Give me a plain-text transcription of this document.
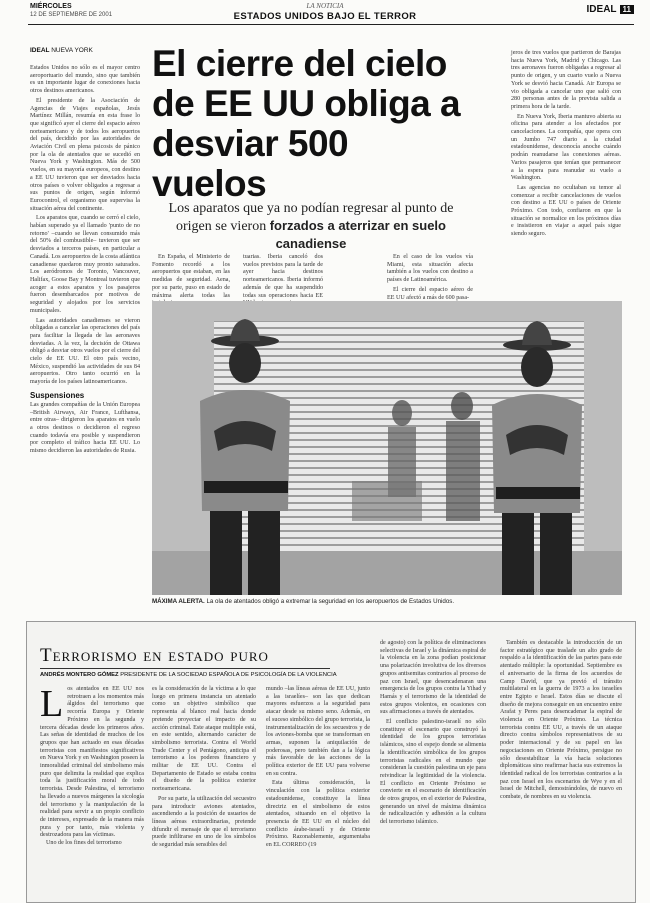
MIÉRCOLES
12 DE SEPTIEMBRE DE 2001
LA NOTICIA
ESTADOS UNIDOS BAJO EL TERROR
IDEAL 11
IDEAL NUEVA YORK El cierre del cielo
de EE UU obliga a
desviar 500 vuelos
Los aparatos que ya no podían regresar al punto de origen se vieron forzados a aterrizar en suelo canadiense

Estados Unidos no sólo es el mayor centro aeroportuario del mundo, sino que también es un importante lugar de conexiones hacia otros destinos americanos.

El presidente de la Asociación de Agencias de Viajes españolas, Jesús Martínez Millán, resumía en esta frase lo que significó ayer el cierre del espacio aéreo norteamericano y de todos los aeropuertos del país, decidido por las autoridades de Aviación Civil en plena psicosis de pánico por la ola de atentados que se sucedió en Nueva York y Washington. Más de 500 vuelos, en su mayoría europeos, con destino a EE UU tuvieron que ser desviados hacia otros países o volver obligados a regresar a sus puntos de origen, según informó Eurocontrol, el organismo que supervisa la situación aérea del continente.

Los aparatos que, cuando se cerró el cielo, habían superado ya el llamado 'punto de no retorno' –cuando se llevan consumido más del 50% del combustible– tuvieron que ser desviados a terceros países, en particular a Canadá. Los aeropuertos de la costa atlántica canadiense quedaron muy pronto saturados. Los aeródromos de Toronto, Vancouver, Halifax, Goose Bay y Montreal tuvieron que acoger a estos aparatos y los pasajeros fueron desembarcados por motivos de seguridad y alojados por los servicios municipales.

Las autoridades canadienses se vieron obligadas a cancelar las operaciones del país para facilitar la llegada de las aeronaves desviadas. A la vez, la decisión de Ottawa obligó a desviar otros vuelos por el cierre del cielo de EE UU. El otro país vecino, México, suspendió las actividades de sus 84 aeropuertos. Otro tanto ocurrió en la mayoría de los países latinoamericanos.

Suspensiones

Las grandes compañías de la Unión Europea –British Airways, Air France, Lufthansa, entre otras– dirigieron los aparatos en vuelo a otros destinos o decidieron el regreso cuando todavía era posible y suspendieron por completo el tráfico hacia EE UU. Lo mismo decidieron las autoridades de Rusia.

En España, el Ministerio de Fomento recordó a los aeropuertos que estaban, en las medidas de seguridad. Aena, por su parte, puso en estado de máxima alerta todas las

tuarias. Iberia canceló dos vuelos previstos para la tarde de ayer hacia destinos norteamericanos. Iberia informó además de que ha suspendido todas sus operaciones hacia EE

En el caso de los vuelos vía Miami, esta situación afecta también a los vuelos con destino a países de Latinoamérica.

El cierre del espacio aéreo de EE UU afectó a más de 600 pasa-

jeros de tres vuelos que partieron de Barajas hacia Nueva York, Madrid y Chicago. Las tres aeronaves fueron obligadas a regresar al punto de origen, y un cuarto vuelo a Nueva York se desvió hacia Canadá. Air Europa se vio obligada a cancelar uno que salió con 280 personas antes de la prevista salida a primera hora de la tarde.

En Nueva York, Iberia mantuvo abierta su oficina para atender a los afectados por cancelaciones. La compañía, que opera con un Jumbo 747 diario a la ciudad estadounidense, desconocía anoche cuándo podrán reanudarse las conexiones aéreas. Varios pasajeros que tenían que permanecer a la espera para reanudar su vuelo a Washington.

Las agencias no ocultaban su temor al comenzar a recibir cancelaciones de vuelos con destino a EE UU o países de Oriente Próximo. Con todo, confiaron en que la situación se normalice en los próximos días e insistieron en viajar a aquel país sigue siendo seguro.

MÁXIMA ALERTA. La ola de atentados obligó a extremar la seguridad en los aeropuertos de Estados Unidos.
Terrorismo en estado puro
ANDRÉS MONTERO GÓMEZ PRESIDENTE DE LA SOCIEDAD ESPAÑOLA DE PSICOLOGÍA DE LA VIOLENCIA
L os atentados en EE UU nos retrotraen a los momentos más álgidos del terrorismo que recorría Europa y Oriente Próximo en la segunda y tercera décadas desde los primeros años. Las señas de identidad de muchos de los grupos que han actuado en esas décadas terroristas con manifiestos significativos en Nueva York y en Washington poseen la inmoralidad criminal del simbolismo más puro que delimita la realidad que explica toda la justificación moral de todo terrorista. Desde Palestina, el terrorismo ha llevado a nuevos márgenes la sicología del terrorismo y la manipulación de la realidad para servir a un propio conflicto de intereses, expresado de la manera más pura y por tanto, más violenta y destrozadora para las víctimas.

Uno de los fines del terrorismo

es la consideración de la víctima a lo que luego en primera instancia un atentado como un objetivo simbólico que representa al blanco real hacia donde pretende proyectar el impacto de su acción criminal. Este ataque multiple está, en este sentido, alternando carácter de simbolismo terrorista. Contra el World Trade Center y el Pentágono, anticipa el terrorismo a los poderes financiero y militar de EE UU. Contra el Departamento de Estado se estaba contra el diseño de la política exterior norteamericana.

Por su parte, la utilización del secuestro para introducir aviones atentados, ascendiendo a la posición de usuarios de líneas aéreas extraordinarias, pretende difundir el mensaje de que el terrorismo puede infiltrarse en uno de los símbolos de seguridad más sensibles del

mundo –las líneas aéreas de EE UU, junto a las israelíes– son las que dedican mayores esfuerzos a la seguridad para atacar desde su mismo seno. Además, en el suceso simbólico del grupo terrorista, la instrumentalización de los secuestros y de los aviones-bomba que se transforman en armas, suponen la aniquilación de poderosas, pero también dan a la lógica más favorable de las acciones de la política exterior de EE UU para volverse en su contra.

Esta última consideración, la vinculación con la política exterior estadounidense, constituye la línea directriz en el simbolismo de estos atentados, situando en el objetivo la presencia de EE UU en el núcleo del conflicto árabe-israelí y de Oriente Próximo. Razonablemente, argumentaba en EL CORREO (19

de agosto) con la política de eliminaciones selectivas de Israel y la dinámica espiral de la violencia en la zona podían posicionar una polarización involutiva de los diversos grupos antisemitas contrarios al proceso de paz con Israel, que desencadenaran una emergencia de los grupos contra la Yihad y Hamás y el terrorismo de la identidad de estos grupos violentos, en ocasiones con sus afirmaciones a través de atentados.

El conflicto palestino-israelí no sólo constituye el escenario que construyó la identidad de los grupos terroristas islámicos, sino el espejo donde se alimenta la identificación simbólica de los grupos terroristas radicales en el mundo que consideran la cuestión palestina un eje para reivindicar la legitimidad de la violencia. El conflicto en Oriente Próximo se convierte en el escenario de identificación de otros grupos, en el exterior de Palestina, generando un nivel de máxima dinámica de radicalización y adhesión a la cultura del terrorismo islámico.

También es destacable la introducción de un factor estratégico que traslade un alto grado de respaldo a la identificación de las partes para este atentado múltiple: la oportunidad. Septiembre es el aniversario de la firma de los acuerdos de Camp David, que ya previó el tránsito multilateral en la guerra de 1973 a los israelíes entre Egipto e Israel. Estos días se discute el diseño de mejora conseguir en un encuentro entre Arafat y Peres para desencadenar la espiral de violencia en Oriente Próximo. La técnica terrorista contra EE UU, a través de un ataque directo contra símbolos representativos de su poder internacional y de su papel en las negociaciones en Oriente Próximo, persigue no sólo desestabilizar la vía hacia soluciones diplomáticas sino reafirmar hacia sus extremos la identidad radical de los terroristas contrarios a la paz con Israel en los escenarios de Wye y en el Israel de Mitchell, demostrándoles, de nuevo en combate, de nombres en su violencia.
